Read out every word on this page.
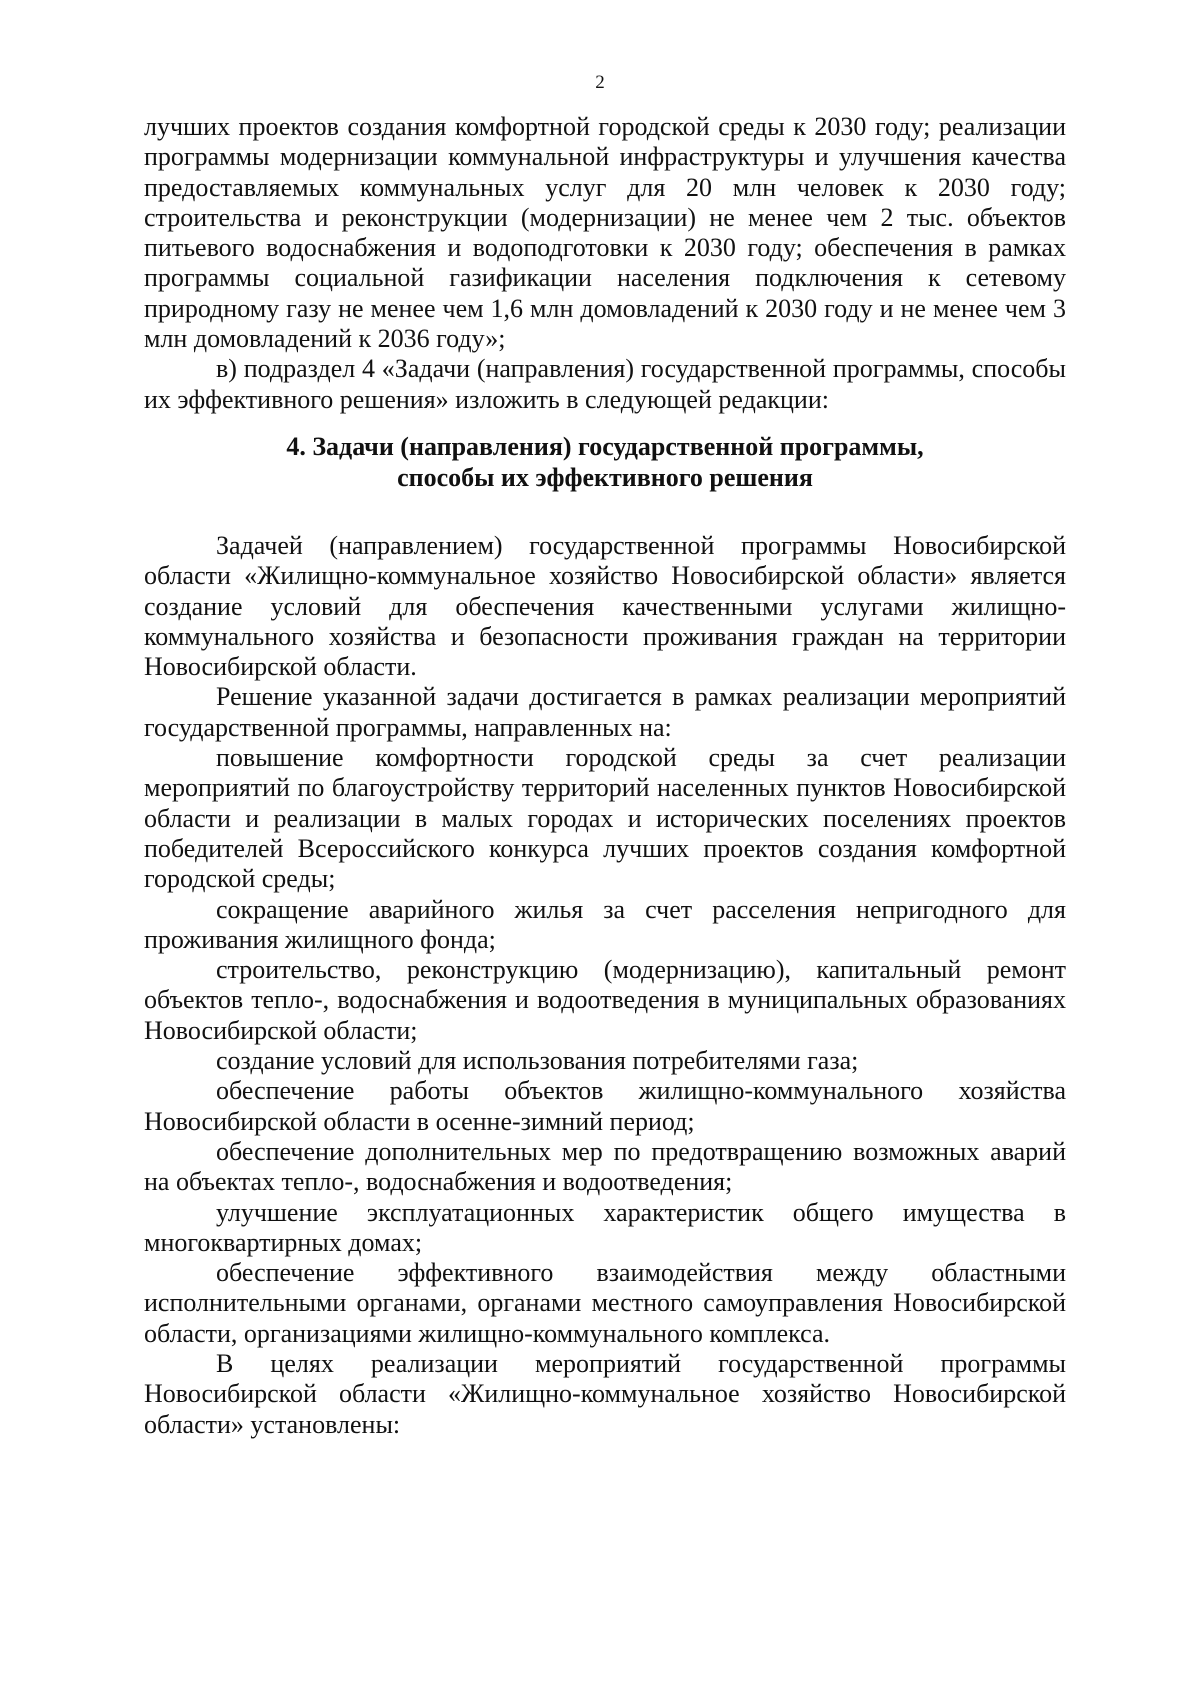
2

лучших проектов создания комфортной городской среды к 2030 году; реализации программы модернизации коммунальной инфраструктуры и улучшения качества предоставляемых коммунальных услуг для 20 млн человек к 2030 году; строительства и реконструкции (модернизации) не менее чем 2 тыс. объектов питьевого водоснабжения и водоподготовки к 2030 году; обеспечения в рамках программы социальной газификации населения подключения к сетевому природному газу не менее чем 1,6 млн домовладений к 2030 году и не менее чем 3 млн домовладений к 2036 году»;

в) подраздел 4 «Задачи (направления) государственной программы, способы их эффективного решения» изложить в следующей редакции:

4. Задачи (направления) государственной программы,
способы их эффективного решения

Задачей (направлением) государственной программы Новосибирской области «Жилищно-коммунальное хозяйство Новосибирской области» является создание условий для обеспечения качественными услугами жилищно-коммунального хозяйства и безопасности проживания граждан на территории Новосибирской области.

Решение указанной задачи достигается в рамках реализации мероприятий государственной программы, направленных на:

повышение комфортности городской среды за счет реализации мероприятий по благоустройству территорий населенных пунктов Новосибирской области и реализации в малых городах и исторических поселениях проектов победителей Всероссийского конкурса лучших проектов создания комфортной городской среды;

сокращение аварийного жилья за счет расселения непригодного для проживания жилищного фонда;

строительство, реконструкцию (модернизацию), капитальный ремонт объектов тепло-, водоснабжения и водоотведения в муниципальных образованиях Новосибирской области;

создание условий для использования потребителями газа;

обеспечение работы объектов жилищно-коммунального хозяйства Новосибирской области в осенне-зимний период;

обеспечение дополнительных мер по предотвращению возможных аварий на объектах тепло-, водоснабжения и водоотведения;

улучшение эксплуатационных характеристик общего имущества в многоквартирных домах;

обеспечение эффективного взаимодействия между областными исполнительными органами, органами местного самоуправления Новосибирской области, организациями жилищно-коммунального комплекса.

В целях реализации мероприятий государственной программы Новосибирской области «Жилищно-коммунальное хозяйство Новосибирской области» установлены:
